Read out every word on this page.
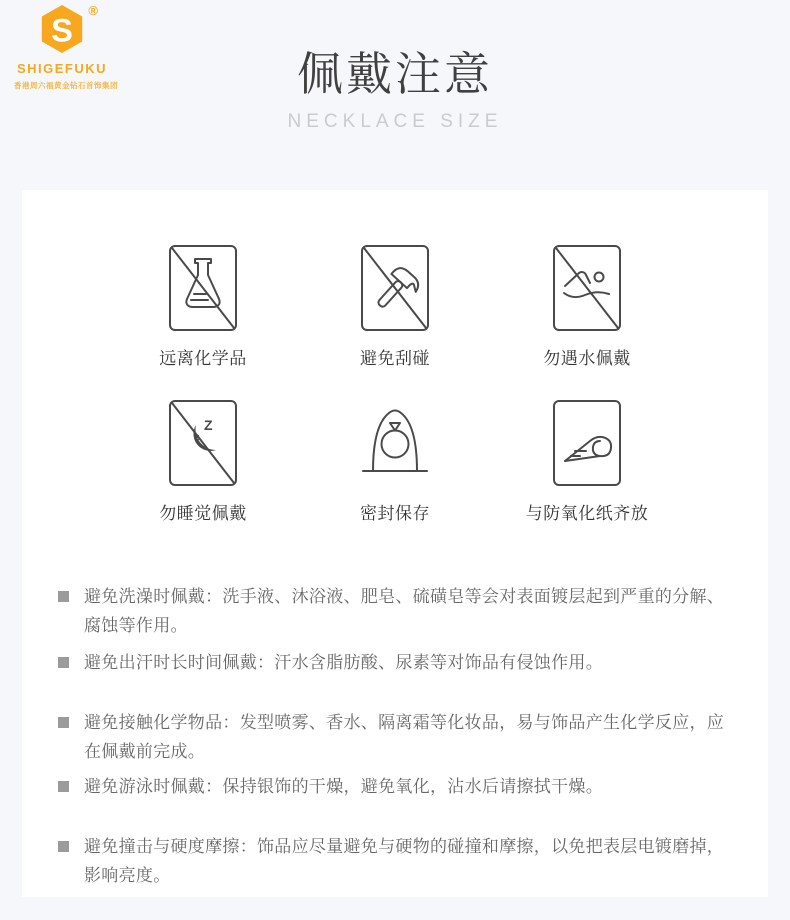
S
®
SHIGEFUKU
香港周六福黄金钻石首饰集团	佩戴注意
NECKLACE SIZE
远离化学品	避免刮碰	勿遇水佩戴
Z
z
勿睡觉佩戴	密封保存	与防氧化纸齐放
避免洗澡时佩戴：洗手液、沐浴液、肥皂、硫磺皂等会对表面镀层起到严重的分解、腐蚀等作用。
避免出汗时长时间佩戴：汗水含脂肪酸、尿素等对饰品有侵蚀作用。
避免接触化学物品：发型喷雾、香水、隔离霜等化妆品，易与饰品产生化学反应，应在佩戴前完成。
避免游泳时佩戴：保持银饰的干燥，避免氧化，沾水后请擦拭干燥。
避免撞击与硬度摩擦：饰品应尽量避免与硬物的碰撞和摩擦，以免把表层电镀磨掉，影响亮度。
